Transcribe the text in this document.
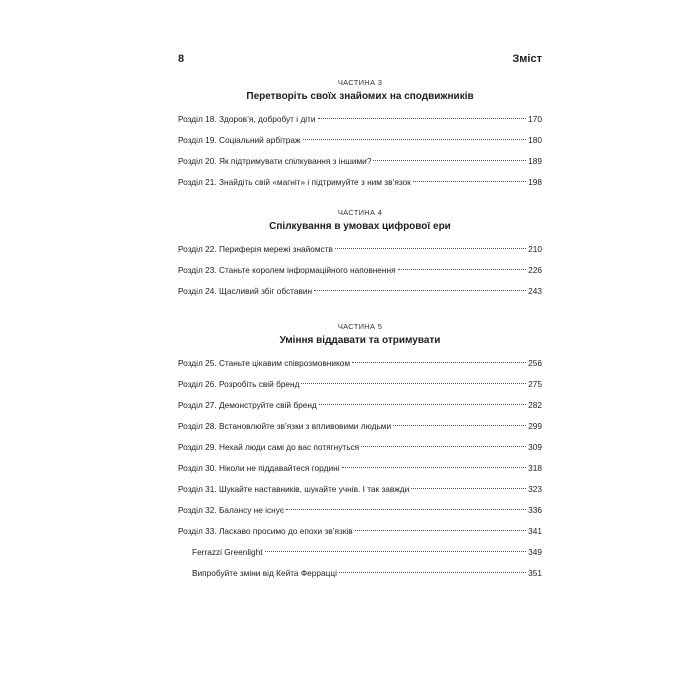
8	Зміст

ЧАСТИНА 3

Перетворіть своїх знайомих на сподвижників

Розділ 18. Здоров’я, добробут і діти	170
Розділ 19. Соціальний арбітраж	180
Розділ 20. Як підтримувати спілкування з іншими?	189
Розділ 21. Знайдіть свій «магніт» і підтримуйте з ним зв’язок	198

ЧАСТИНА 4

Спілкування в умовах цифрової ери

Розділ 22. Периферія мережі знайомств	210
Розділ 23. Станьте королем інформаційного наповнення	226
Розділ 24. Щасливий збіг обставин	243

ЧАСТИНА 5

Уміння віддавати та отримувати

Розділ 25. Станьте цікавим співрозмовником	256
Розділ 26. Розробіть свій бренд	275
Розділ 27. Демонструйте свій бренд	282
Розділ 28. Встановлюйте зв’язки з впливовими людьми	299
Розділ 29. Нехай люди самі до вас потягнуться	309
Розділ 30. Ніколи не піддавайтеся гордині	318
Розділ 31. Шукайте наставників, шукайте учнів. І так завжди	323
Розділ 32. Балансу не існує	336
Розділ 33. Ласкаво просимо до епохи зв’язків	341
Ferrazzi Greenlight	349
Випробуйте зміни від Кейта Феррацці	351
